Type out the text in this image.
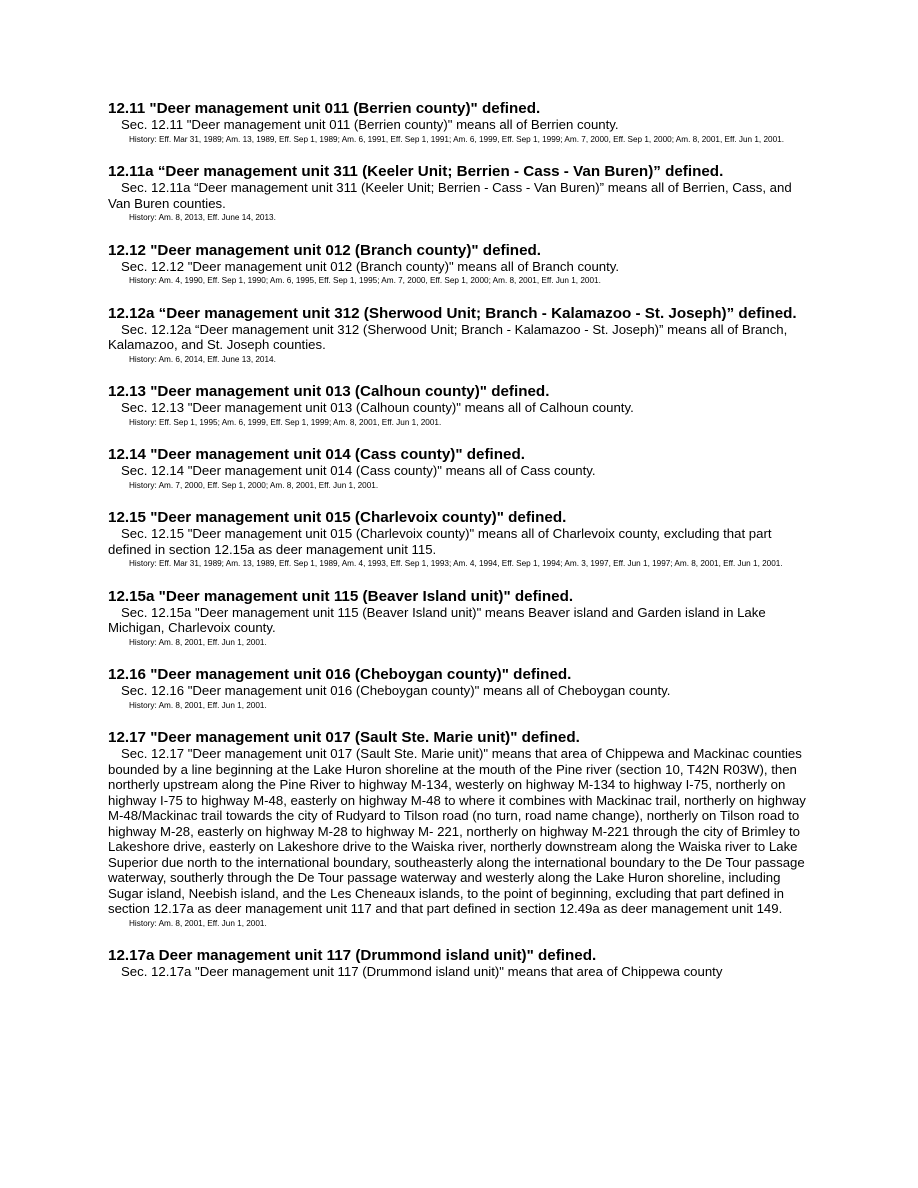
12.11 "Deer management unit 011 (Berrien county)" defined.

Sec. 12.11 "Deer management unit 011 (Berrien county)" means all of Berrien county.

History: Eff. Mar 31, 1989; Am. 13, 1989, Eff. Sep 1, 1989; Am. 6, 1991, Eff. Sep 1, 1991; Am. 6, 1999, Eff. Sep 1, 1999; Am. 7, 2000, Eff. Sep 1, 2000; Am. 8, 2001, Eff. Jun 1, 2001.

12.11a “Deer management unit 311 (Keeler Unit; Berrien - Cass - Van Buren)” defined.

Sec. 12.11a “Deer management unit 311 (Keeler Unit; Berrien - Cass - Van Buren)” means all of Berrien, Cass, and Van Buren counties.

History: Am. 8, 2013, Eff. June 14, 2013.

12.12 "Deer management unit 012 (Branch county)" defined.

Sec. 12.12 "Deer management unit 012 (Branch county)" means all of Branch county.

History: Am. 4, 1990, Eff. Sep 1, 1990; Am. 6, 1995, Eff. Sep 1, 1995; Am. 7, 2000, Eff. Sep 1, 2000; Am. 8, 2001, Eff. Jun 1, 2001.

12.12a “Deer management unit 312 (Sherwood Unit; Branch - Kalamazoo - St. Joseph)” defined.

Sec. 12.12a “Deer management unit 312 (Sherwood Unit; Branch - Kalamazoo - St. Joseph)” means all of Branch, Kalamazoo, and St. Joseph counties.

History: Am. 6, 2014, Eff. June 13, 2014.

12.13 "Deer management unit 013 (Calhoun county)" defined.

Sec. 12.13 "Deer management unit 013 (Calhoun county)" means all of Calhoun county.

History: Eff. Sep 1, 1995; Am. 6, 1999, Eff. Sep 1, 1999; Am. 8, 2001, Eff. Jun 1, 2001.

12.14 "Deer management unit 014 (Cass county)" defined.

Sec. 12.14 "Deer management unit 014 (Cass county)" means all of Cass county.

History: Am. 7, 2000, Eff. Sep 1, 2000; Am. 8, 2001, Eff. Jun 1, 2001.

12.15 "Deer management unit 015 (Charlevoix county)" defined.

Sec. 12.15 "Deer management unit 015 (Charlevoix county)" means all of Charlevoix county, excluding that part defined in section 12.15a as deer management unit 115.

History: Eff. Mar 31, 1989; Am. 13, 1989, Eff. Sep 1, 1989, Am. 4, 1993, Eff. Sep 1, 1993; Am. 4, 1994, Eff. Sep 1, 1994; Am. 3, 1997, Eff. Jun 1, 1997; Am. 8, 2001, Eff. Jun 1, 2001.

12.15a "Deer management unit 115 (Beaver Island unit)" defined.

Sec. 12.15a "Deer management unit 115 (Beaver Island unit)" means Beaver island and Garden island in Lake Michigan, Charlevoix county.

History: Am. 8, 2001, Eff. Jun 1, 2001.

12.16 "Deer management unit 016 (Cheboygan county)" defined.

Sec. 12.16 "Deer management unit 016 (Cheboygan county)" means all of Cheboygan county.

History: Am. 8, 2001, Eff. Jun 1, 2001.

12.17 "Deer management unit 017 (Sault Ste. Marie unit)" defined.

Sec. 12.17 "Deer management unit 017 (Sault Ste. Marie unit)" means that area of Chippewa and Mackinac counties bounded by a line beginning at the Lake Huron shoreline at the mouth of the Pine river (section 10, T42N R03W), then northerly upstream along the Pine River to highway M-134, westerly on highway M-134 to highway I-75, northerly on highway I-75 to highway M-48, easterly on highway M-48 to where it combines with Mackinac trail, northerly on highway M-48/Mackinac trail towards the city of Rudyard to Tilson road (no turn, road name change), northerly on Tilson road to highway M-28, easterly on highway M-28 to highway M- 221, northerly on highway M-221 through the city of Brimley to Lakeshore drive, easterly on Lakeshore drive to the Waiska river, northerly downstream along the Waiska river to Lake Superior due north to the international boundary, southeasterly along the international boundary to the De Tour passage waterway, southerly through the De Tour passage waterway and westerly along the Lake Huron shoreline, including Sugar island, Neebish island, and the Les Cheneaux islands, to the point of beginning, excluding that part defined in section 12.17a as deer management unit 117 and that part defined in section 12.49a as deer management unit 149.

History: Am. 8, 2001, Eff. Jun 1, 2001.

12.17a Deer management unit 117 (Drummond island unit)" defined.

Sec. 12.17a "Deer management unit 117 (Drummond island unit)" means that area of Chippewa county
